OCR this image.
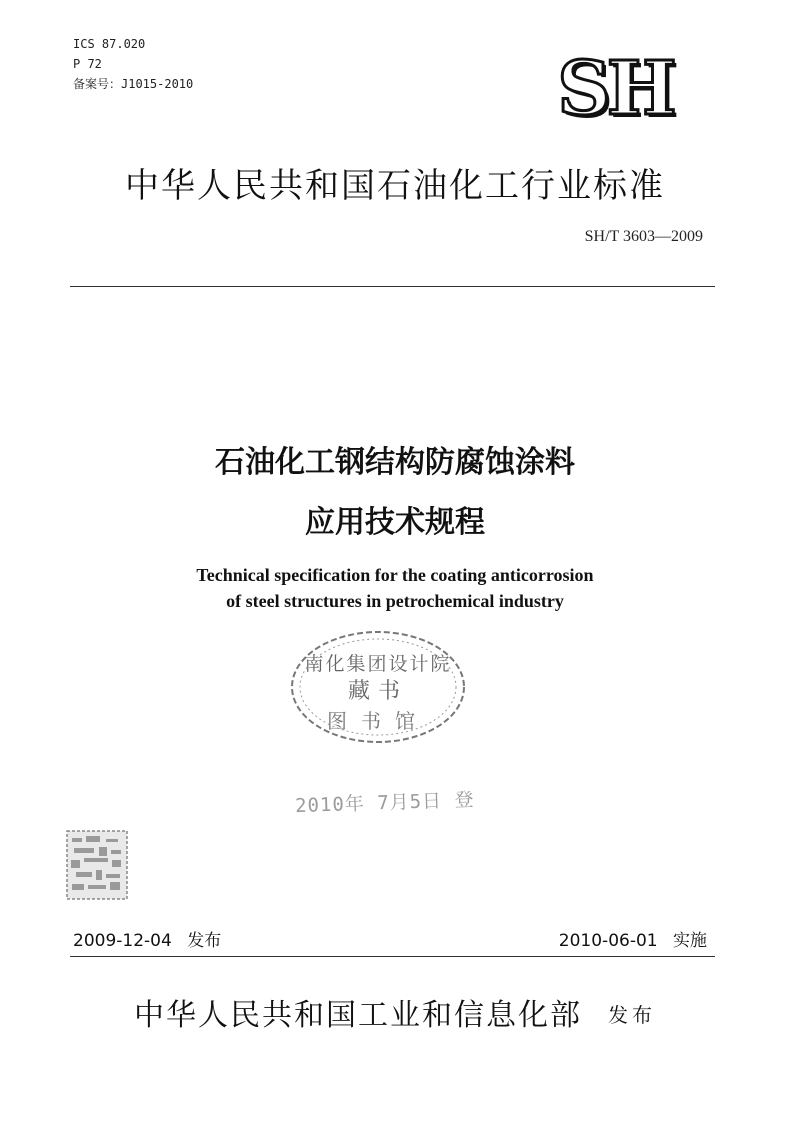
ICS 87.020
P 72
备案号：J1015-2010	SH
中华人民共和国石油化工行业标准
SH/T 3603—2009
石油化工钢结构防腐蚀涂料
应用技术规程
Technical specification for the coating anticorrosion
of steel structures in petrochemical industry
南化集团设计院
藏书
图书馆
2010年 7月5日 登
2009-12-04 发布	2010-06-01 实施
中华人民共和国工业和信息化部 发布
